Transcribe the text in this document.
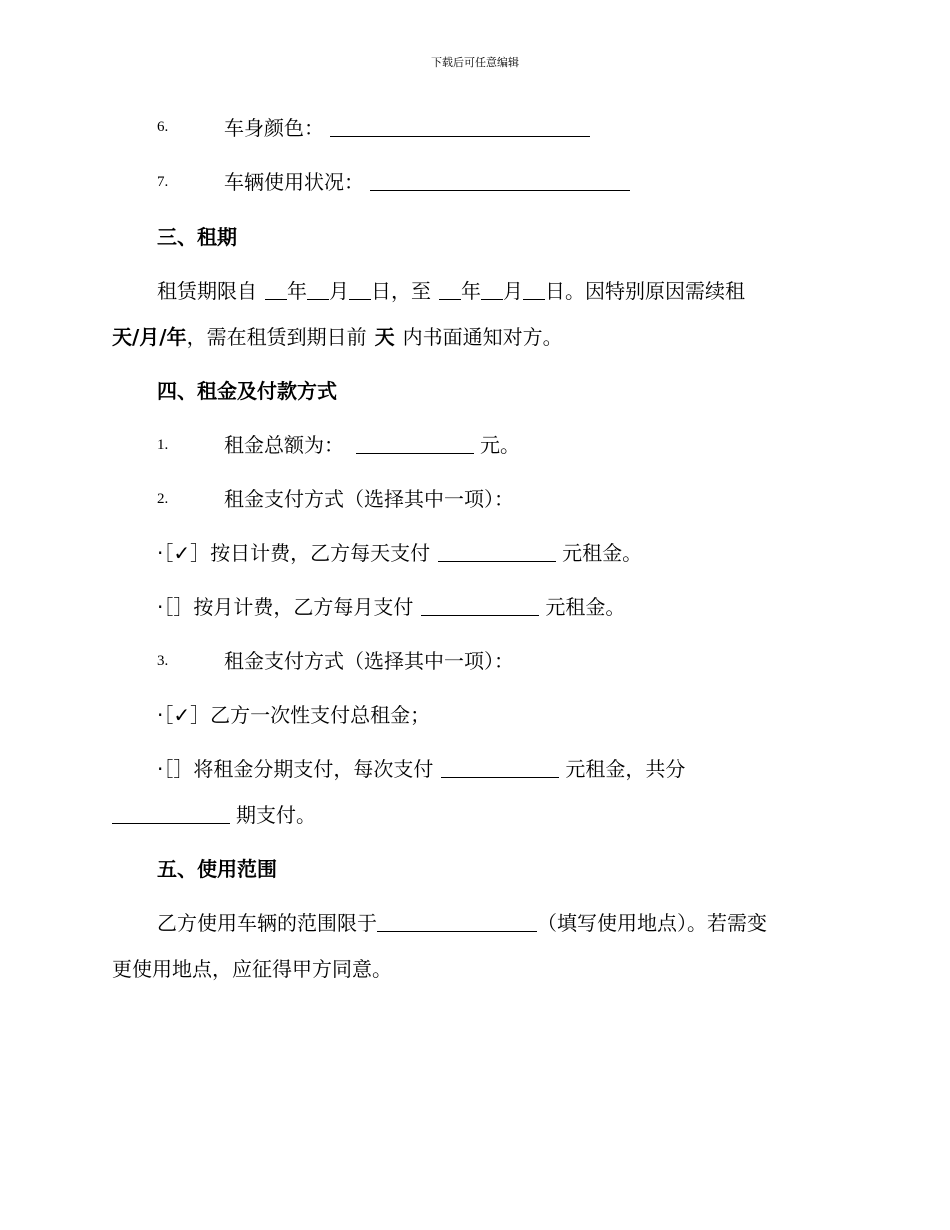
下载后可任意编辑
6.	车身颜色：
7.	车辆使用状况：
三、租期
租赁期限自 年 月 日，至 年 月 日。因特别原因需续租
天/月/年，需在租赁到期日前 天 内书面通知对方。
四、租金及付款方式
1.	租金总额为：	元。
2.	租金支付方式（选择其中一项）：
·［✓］按日计费，乙方每天支付	元租金。
·［］按月计费，乙方每月支付	元租金。
3.	租金支付方式（选择其中一项）：
·［✓］乙方一次性支付总租金；
·［］将租金分期支付，每次支付	元租金，共分
期支付。
五、使用范围
乙方使用车辆的范围限于	（填写使用地点）。若需变
更使用地点，应征得甲方同意。
